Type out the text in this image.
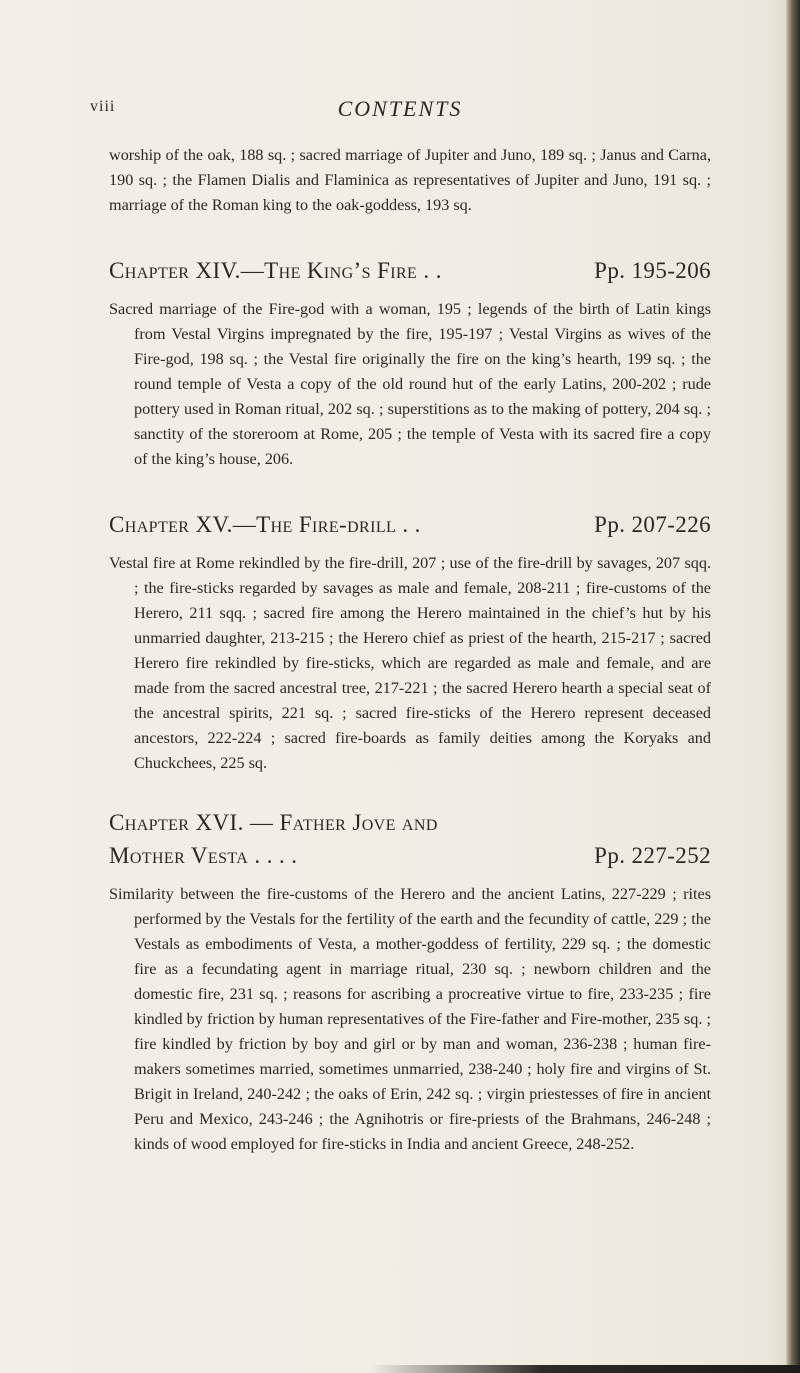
viii	CONTENTS

worship of the oak, 188 sq. ; sacred marriage of Jupiter and Juno, 189 sq. ; Janus and Carna, 190 sq. ; the Flamen Dialis and Flaminica as representatives of Jupiter and Juno, 191 sq. ; marriage of the Roman king to the oak-goddess, 193 sq.

Chapter XIV.—The King’s Fire . .	Pp. 195-206

Sacred marriage of the Fire-god with a woman, 195 ; legends of the birth of Latin kings from Vestal Virgins impregnated by the fire, 195-197 ; Vestal Virgins as wives of the Fire-god, 198 sq. ; the Vestal fire originally the fire on the king’s hearth, 199 sq. ; the round temple of Vesta a copy of the old round hut of the early Latins, 200-202 ; rude pottery used in Roman ritual, 202 sq. ; superstitions as to the making of pottery, 204 sq. ; sanctity of the storeroom at Rome, 205 ; the temple of Vesta with its sacred fire a copy of the king’s house, 206.

Chapter XV.—The Fire-drill . .	Pp. 207-226

Vestal fire at Rome rekindled by the fire-drill, 207 ; use of the fire-drill by savages, 207 sqq. ; the fire-sticks regarded by savages as male and female, 208-211 ; fire-customs of the Herero, 211 sqq. ; sacred fire among the Herero maintained in the chief’s hut by his unmarried daughter, 213-215 ; the Herero chief as priest of the hearth, 215-217 ; sacred Herero fire rekindled by fire-sticks, which are regarded as male and female, and are made from the sacred ancestral tree, 217-221 ; the sacred Herero hearth a special seat of the ancestral spirits, 221 sq. ; sacred fire-sticks of the Herero represent deceased ancestors, 222-224 ; sacred fire-boards as family deities among the Koryaks and Chuckchees, 225 sq.

Chapter XVI. — Father Jove and
Mother Vesta . . . .	Pp. 227-252

Similarity between the fire-customs of the Herero and the ancient Latins, 227-229 ; rites performed by the Vestals for the fertility of the earth and the fecundity of cattle, 229 ; the Vestals as embodiments of Vesta, a mother-goddess of fertility, 229 sq. ; the domestic fire as a fecundating agent in marriage ritual, 230 sq. ; newborn children and the domestic fire, 231 sq. ; reasons for ascribing a procreative virtue to fire, 233-235 ; fire kindled by friction by human representatives of the Fire-father and Fire-mother, 235 sq. ; fire kindled by friction by boy and girl or by man and woman, 236-238 ; human fire-makers sometimes married, sometimes unmarried, 238-240 ; holy fire and virgins of St. Brigit in Ireland, 240-242 ; the oaks of Erin, 242 sq. ; virgin priestesses of fire in ancient Peru and Mexico, 243-246 ; the Agnihotris or fire-priests of the Brahmans, 246-248 ; kinds of wood employed for fire-sticks in India and ancient Greece, 248-252.
